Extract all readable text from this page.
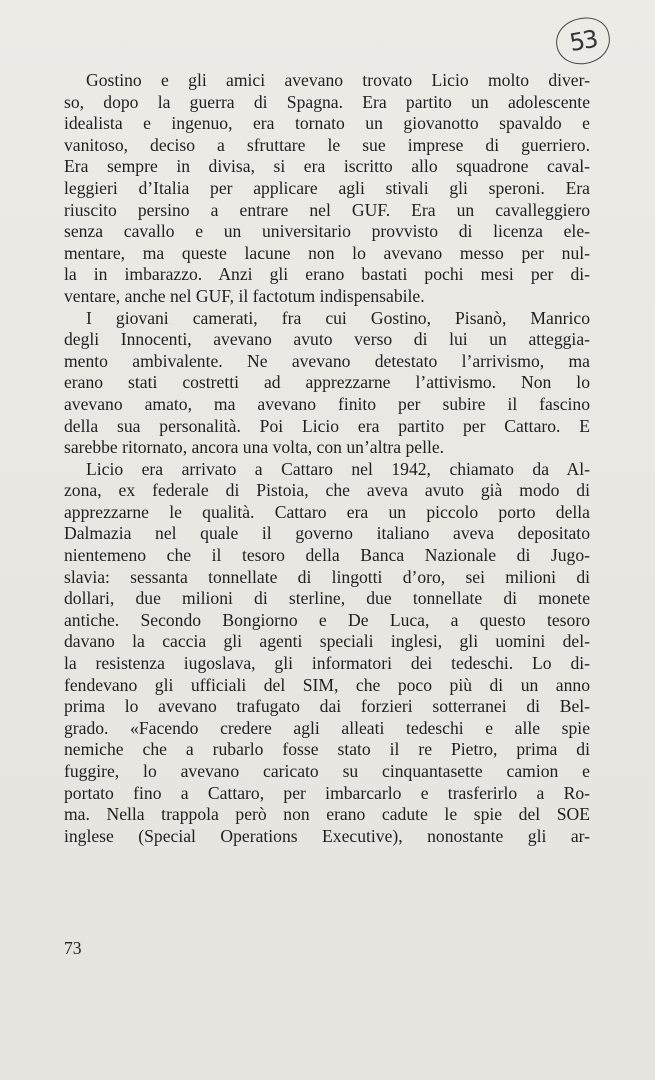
53
Gostino e gli amici avevano trovato Licio molto diver-
so, dopo la guerra di Spagna. Era partito un adolescente
idealista e ingenuo, era tornato un giovanotto spavaldo e
vanitoso, deciso a sfruttare le sue imprese di guerriero.
Era sempre in divisa, si era iscritto allo squadrone caval-
leggieri d’Italia per applicare agli stivali gli speroni. Era
riuscito persino a entrare nel GUF. Era un cavalleggiero
senza cavallo e un universitario provvisto di licenza ele-
mentare, ma queste lacune non lo avevano messo per nul-
la in imbarazzo. Anzi gli erano bastati pochi mesi per di-
ventare, anche nel GUF, il factotum indispensabile.
I giovani camerati, fra cui Gostino, Pisanò, Manrico
degli Innocenti, avevano avuto verso di lui un atteggia-
mento ambivalente. Ne avevano detestato l’arrivismo, ma
erano stati costretti ad apprezzarne l’attivismo. Non lo
avevano amato, ma avevano finito per subire il fascino
della sua personalità. Poi Licio era partito per Cattaro. E
sarebbe ritornato, ancora una volta, con un’altra pelle.
Licio era arrivato a Cattaro nel 1942, chiamato da Al-
zona, ex federale di Pistoia, che aveva avuto già modo di
apprezzarne le qualità. Cattaro era un piccolo porto della
Dalmazia nel quale il governo italiano aveva depositato
nientemeno che il tesoro della Banca Nazionale di Jugo-
slavia: sessanta tonnellate di lingotti d’oro, sei milioni di
dollari, due milioni di sterline, due tonnellate di monete
antiche. Secondo Bongiorno e De Luca, a questo tesoro
davano la caccia gli agenti speciali inglesi, gli uomini del-
la resistenza iugoslava, gli informatori dei tedeschi. Lo di-
fendevano gli ufficiali del SIM, che poco più di un anno
prima lo avevano trafugato dai forzieri sotterranei di Bel-
grado. «Facendo credere agli alleati tedeschi e alle spie
nemiche che a rubarlo fosse stato il re Pietro, prima di
fuggire, lo avevano caricato su cinquantasette camion e
portato fino a Cattaro, per imbarcarlo e trasferirlo a Ro-
ma. Nella trappola però non erano cadute le spie del SOE
inglese (Special Operations Executive), nonostante gli ar-
73
